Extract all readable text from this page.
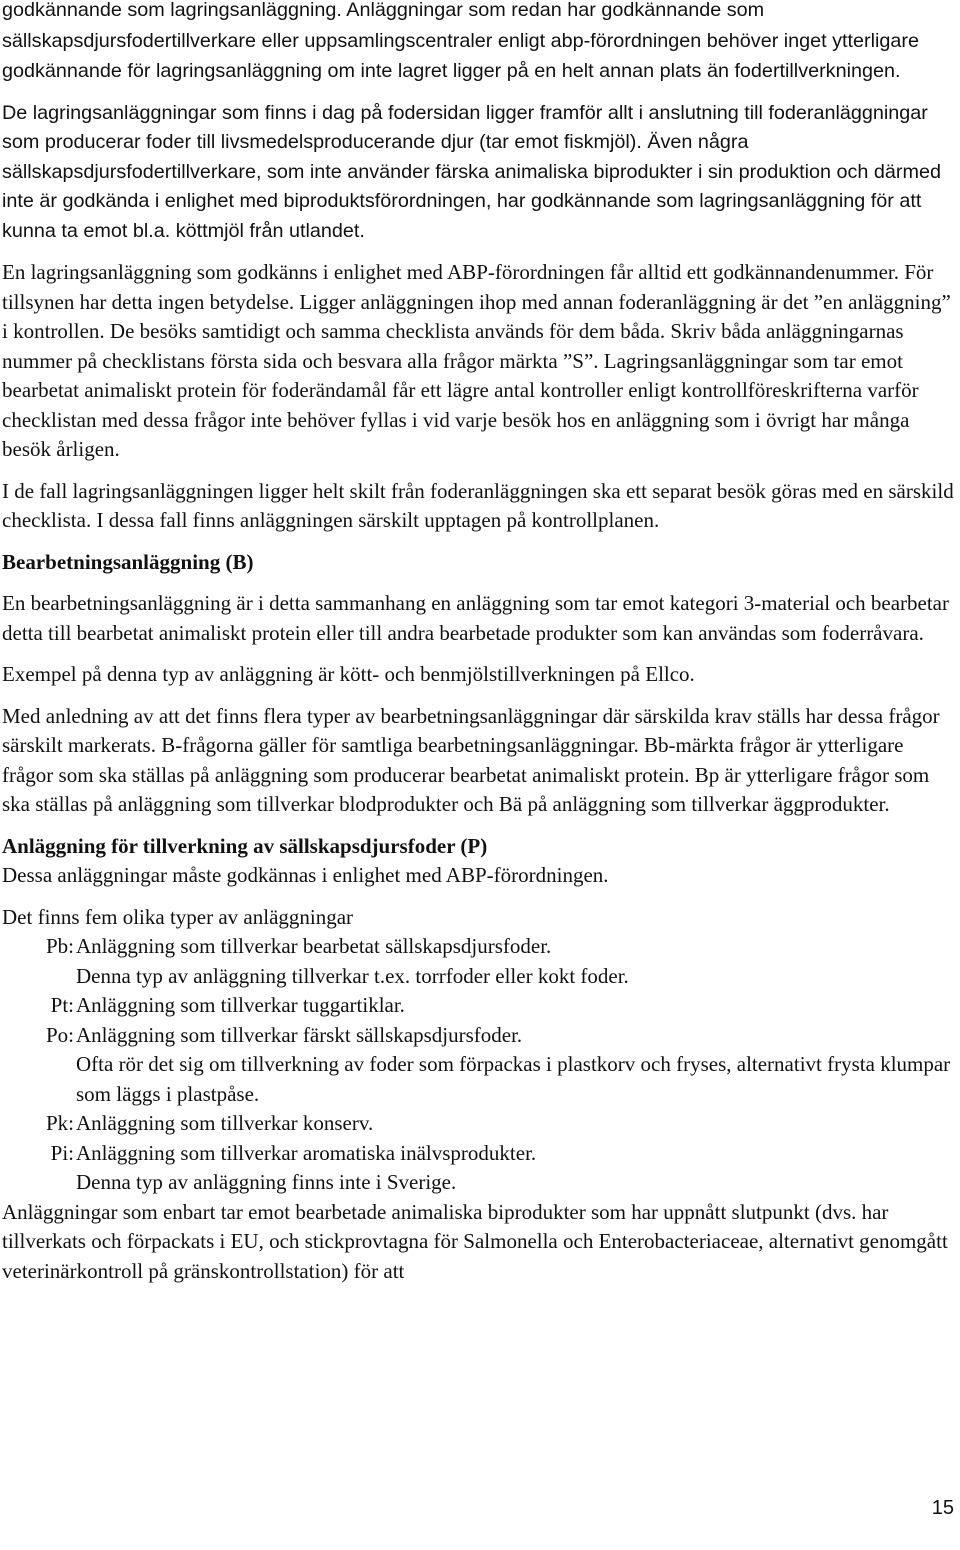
godkännande som lagringsanläggning. Anläggningar som redan har godkännande som sällskapsdjursfodertillverkare eller uppsamlingscentraler enligt abp-förordningen behöver inget ytterligare godkännande för lagringsanläggning om inte lagret ligger på en helt annan plats än fodertillverkningen.

De lagringsanläggningar som finns i dag på fodersidan ligger framför allt i anslutning till foderanläggningar som producerar foder till livsmedelsproducerande djur (tar emot fiskmjöl). Även några sällskapsdjursfodertillverkare, som inte använder färska animaliska biprodukter i sin produktion och därmed inte är godkända i enlighet med biproduktsförordningen, har godkännande som lagringsanläggning för att kunna ta emot bl.a. köttmjöl från utlandet.

En lagringsanläggning som godkänns i enlighet med ABP-förordningen får alltid ett godkännandenummer. För tillsynen har detta ingen betydelse. Ligger anläggningen ihop med annan foderanläggning är det ”en anläggning” i kontrollen. De besöks samtidigt och samma checklista används för dem båda. Skriv båda anläggningarnas nummer på checklistans första sida och besvara alla frågor märkta ”S”. Lagringsanläggningar som tar emot bearbetat animaliskt protein för foderändamål får ett lägre antal kontroller enligt kontrollföreskrifterna varför checklistan med dessa frågor inte behöver fyllas i vid varje besök hos en anläggning som i övrigt har många besök årligen.

I de fall lagringsanläggningen ligger helt skilt från foderanläggningen ska ett separat besök göras med en särskild checklista. I dessa fall finns anläggningen särskilt upptagen på kontrollplanen.

Bearbetningsanläggning (B)

En bearbetningsanläggning är i detta sammanhang en anläggning som tar emot kategori 3-material och bearbetar detta till bearbetat animaliskt protein eller till andra bearbetade produkter som kan användas som foderråvara.

Exempel på denna typ av anläggning är kött- och benmjölstillverkningen på Ellco.

Med anledning av att det finns flera typer av bearbetningsanläggningar där särskilda krav ställs har dessa frågor särskilt markerats. B-frågorna gäller för samtliga bearbetningsanläggningar. Bb-märkta frågor är ytterligare frågor som ska ställas på anläggning som producerar bearbetat animaliskt protein. Bp är ytterligare frågor som ska ställas på anläggning som tillverkar blodprodukter och Bä på anläggning som tillverkar äggprodukter.

Anläggning för tillverkning av sällskapsdjursfoder (P)

Dessa anläggningar måste godkännas i enlighet med ABP-förordningen.

Det finns fem olika typer av anläggningar

Pb: Anläggning som tillverkar bearbetat sällskapsdjursfoder.
Denna typ av anläggning tillverkar t.ex. torrfoder eller kokt foder.
Pt: Anläggning som tillverkar tuggartiklar.
Po: Anläggning som tillverkar färskt sällskapsdjursfoder.
Ofta rör det sig om tillverkning av foder som förpackas i plastkorv och fryses, alternativt frysta klumpar som läggs i plastpåse.
Pk: Anläggning som tillverkar konserv.
Pi: Anläggning som tillverkar aromatiska inälvsprodukter.
Denna typ av anläggning finns inte i Sverige.

Anläggningar som enbart tar emot bearbetade animaliska biprodukter som har uppnått slutpunkt (dvs. har tillverkats och förpackats i EU, och stickprovtagna för Salmonella och Enterobacteriaceae, alternativt genomgått veterinärkontroll på gränskontrollstation) för att

15
